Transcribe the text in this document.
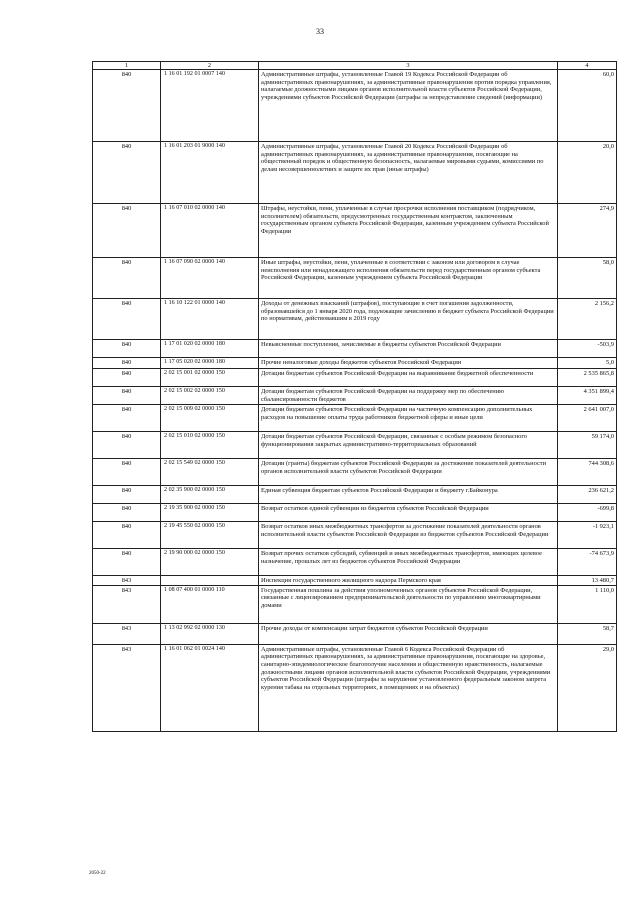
33
1	2	3	4
840	1 16 01 192 01 0007 140	Административные штрафы, установленные Главой 19 Кодекса Российской Федерации об административных правонарушениях, за административные правонарушения против порядка управления, налагаемые должностными лицами органов исполнительной власти субъектов Российской Федерации, учреждениями субъектов Российской Федерации (штрафы за непредставление сведений (информации)	60,0
840	1 16 01 203 01 9000 140	Административные штрафы, установленные Главой 20 Кодекса Российской Федерации об административных правонарушениях, за административные правонарушения, посягающие на общественный порядок и общественную безопасность, налагаемые мировыми судьями, комиссиями по делам несовершеннолетних и защите их прав (иные штрафы)	20,0
840	1 16 07 010 02 0000 140	Штрафы, неустойки, пени, уплаченные в случае просрочки исполнения поставщиком (подрядчиком, исполнителем) обязательств, предусмотренных государственным контрактом, заключенным государственным органом субъекта Российской Федерации, казенным учреждением субъекта Российской Федерации	274,9
840	1 16 07 090 02 0000 140	Иные штрафы, неустойки, пени, уплаченные в соответствии с законом или договором в случае неисполнения или ненадлежащего исполнения обязательств перед государственным органом субъекта Российской Федерации, казенным учреждением субъекта Российской Федерации	58,0
840	1 16 10 122 01 0000 140	Доходы от денежных взысканий (штрафов), поступающие в счет погашения задолженности, образовавшейся до 1 января 2020 года, подлежащие зачислению в бюджет субъекта Российской Федерации по нормативам, действовавшим в 2019 году	2 156,2
840	1 17 01 020 02 0000 180	Невыясненные поступления, зачисляемые в бюджеты субъектов Российской Федерации	-503,9
840	1 17 05 020 02 0000 180	Прочие неналоговые доходы бюджетов субъектов Российской Федерации	5,0
840	2 02 15 001 02 0000 150	Дотации бюджетам субъектов Российской Федерации на выравнивание бюджетной обеспеченности	2 535 865,8
840	2 02 15 002 02 0000 150	Дотации бюджетам субъектов Российской Федерации на поддержку мер по обеспечению сбалансированности бюджетов	4 351 899,4
840	2 02 15 009 02 0000 150	Дотации бюджетам субъектов Российской Федерации на частичную компенсацию дополнительных расходов на повышение оплаты труда работников бюджетной сферы и иные цели	2 641 007,0
840	2 02 15 010 02 0000 150	Дотации бюджетам субъектов Российской Федерации, связанные с особым режимом безопасного функционирования закрытых административно-территориальных образований	59 174,0
840	2 02 15 549 02 0000 150	Дотации (гранты) бюджетам субъектов Российской Федерации за достижение показателей деятельности органов исполнительной власти субъектов Российской Федерации	744 308,6
840	2 02 35 900 02 0000 150	Единая субвенция бюджетам субъектов Российской Федерации и бюджету г.Байконура	236 621,2
840	2 19 35 900 02 0000 150	Возврат остатков единой субвенции из бюджетов субъектов Российской Федерации	-699,8
840	2 19 45 550 02 0000 150	Возврат остатков иных межбюджетных трансфертов за достижение показателей деятельности органов исполнительной власти субъектов Российской Федерации из бюджетов субъектов Российской Федерации	-1 923,1
840	2 19 90 000 02 0000 150	Возврат прочих остатков субсидий, субвенций и иных межбюджетных трансфертов, имеющих целевое назначение, прошлых лет из бюджетов субъектов Российской Федерации	-74 673,9
843		Инспекция государственного жилищного надзора Пермского края	13 480,7
843	1 08 07 400 01 0000 110	Государственная пошлина за действия уполномоченных органов субъектов Российской Федерации, связанные с лицензированием предпринимательской деятельности по управлению многоквартирными домами	1 110,0
843	1 13 02 992 02 0000 130	Прочие доходы от компенсации затрат бюджетов субъектов Российской Федерации	58,7
843	1 16 01 062 01 0024 140	Административные штрафы, установленные Главой 6 Кодекса Российской Федерации об административных правонарушениях, за административные правонарушения, посягающие на здоровье, санитарно-эпидемиологическое благополучие населения и общественную нравственность, налагаемые должностными лицами органов исполнительной власти субъектов Российской Федерации, учреждениями субъектов Российской Федерации (штрафы за нарушение установленного федеральным законом запрета курения табака на отдельных территориях, в помещениях и на объектах)	29,0
2050-22
